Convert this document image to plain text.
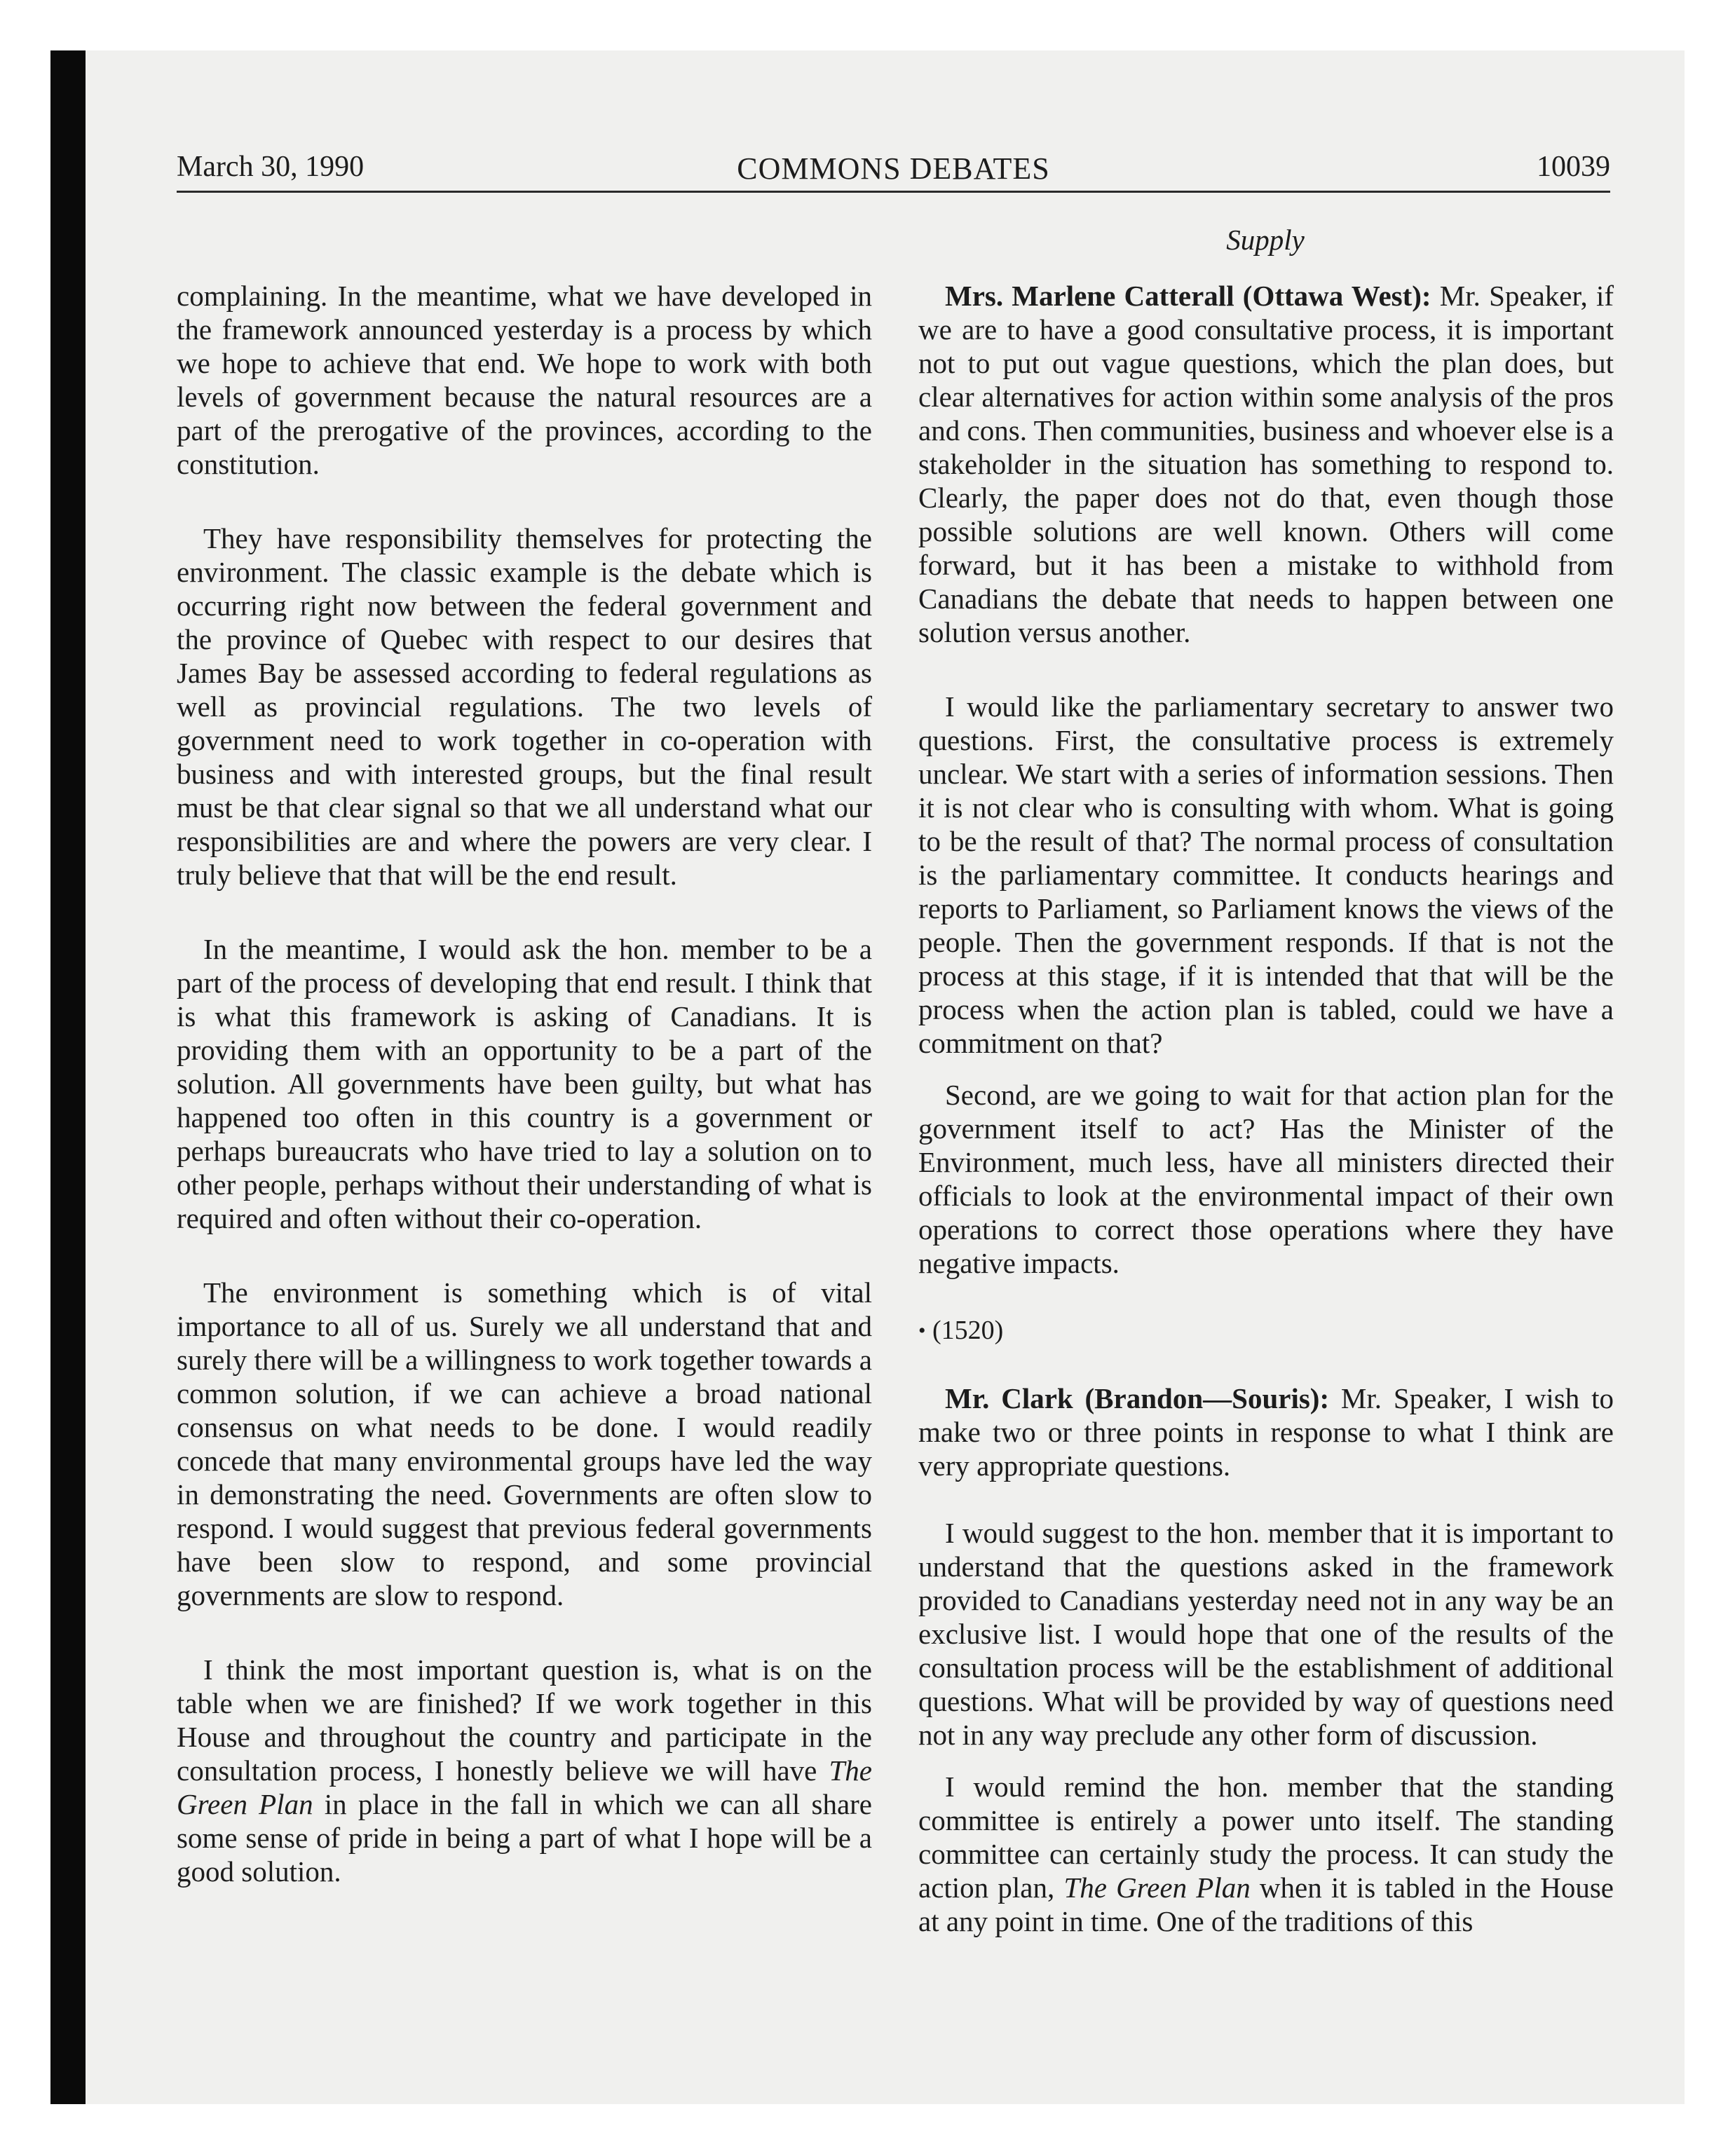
March 30, 1990	COMMONS DEBATES	10039
Supply

complaining. In the meantime, what we have developed in the framework announced yesterday is a process by which we hope to achieve that end. We hope to work with both levels of government because the natural resources are a part of the prerogative of the provinces, according to the constitution.

They have responsibility themselves for protecting the environment. The classic example is the debate which is occurring right now between the federal government and the province of Quebec with respect to our desires that James Bay be assessed according to federal regulations as well as provincial regulations. The two levels of government need to work together in co-operation with business and with interested groups, but the final result must be that clear signal so that we all understand what our responsibilities are and where the powers are very clear. I truly believe that that will be the end result.

In the meantime, I would ask the hon. member to be a part of the process of developing that end result. I think that is what this framework is asking of Canadians. It is providing them with an opportunity to be a part of the solution. All governments have been guilty, but what has happened too often in this country is a government or perhaps bureaucrats who have tried to lay a solution on to other people, perhaps without their understanding of what is required and often without their co-operation.

The environment is something which is of vital importance to all of us. Surely we all understand that and surely there will be a willingness to work together towards a common solution, if we can achieve a broad national consensus on what needs to be done. I would readily concede that many environmental groups have led the way in demonstrating the need. Governments are often slow to respond. I would suggest that previous federal governments have been slow to respond, and some provincial governments are slow to respond.

I think the most important question is, what is on the table when we are finished? If we work together in this House and throughout the country and participate in the consultation process, I honestly believe we will have The Green Plan in place in the fall in which we can all share some sense of pride in being a part of what I hope will be a good solution.

Mrs. Marlene Catterall (Ottawa West): Mr. Speaker, if we are to have a good consultative process, it is important not to put out vague questions, which the plan does, but clear alternatives for action within some analysis of the pros and cons. Then communities, business and whoever else is a stakeholder in the situation has something to respond to. Clearly, the paper does not do that, even though those possible solutions are well known. Others will come forward, but it has been a mistake to withhold from Canadians the debate that needs to happen between one solution versus another.

I would like the parliamentary secretary to answer two questions. First, the consultative process is extremely unclear. We start with a series of information sessions. Then it is not clear who is consulting with whom. What is going to be the result of that? The normal process of consultation is the parliamentary committee. It conducts hearings and reports to Parliament, so Parliament knows the views of the people. Then the government responds. If that is not the process at this stage, if it is intended that that will be the process when the action plan is tabled, could we have a commitment on that?

Second, are we going to wait for that action plan for the government itself to act? Has the Minister of the Environment, much less, have all ministers directed their officials to look at the environmental impact of their own operations to correct those operations where they have negative impacts.

• (1520)

Mr. Clark (Brandon—Souris): Mr. Speaker, I wish to make two or three points in response to what I think are very appropriate questions.

I would suggest to the hon. member that it is important to understand that the questions asked in the framework provided to Canadians yesterday need not in any way be an exclusive list. I would hope that one of the results of the consultation process will be the establishment of additional questions. What will be provided by way of questions need not in any way preclude any other form of discussion.

I would remind the hon. member that the standing committee is entirely a power unto itself. The standing committee can certainly study the process. It can study the action plan, The Green Plan when it is tabled in the House at any point in time. One of the traditions of this
